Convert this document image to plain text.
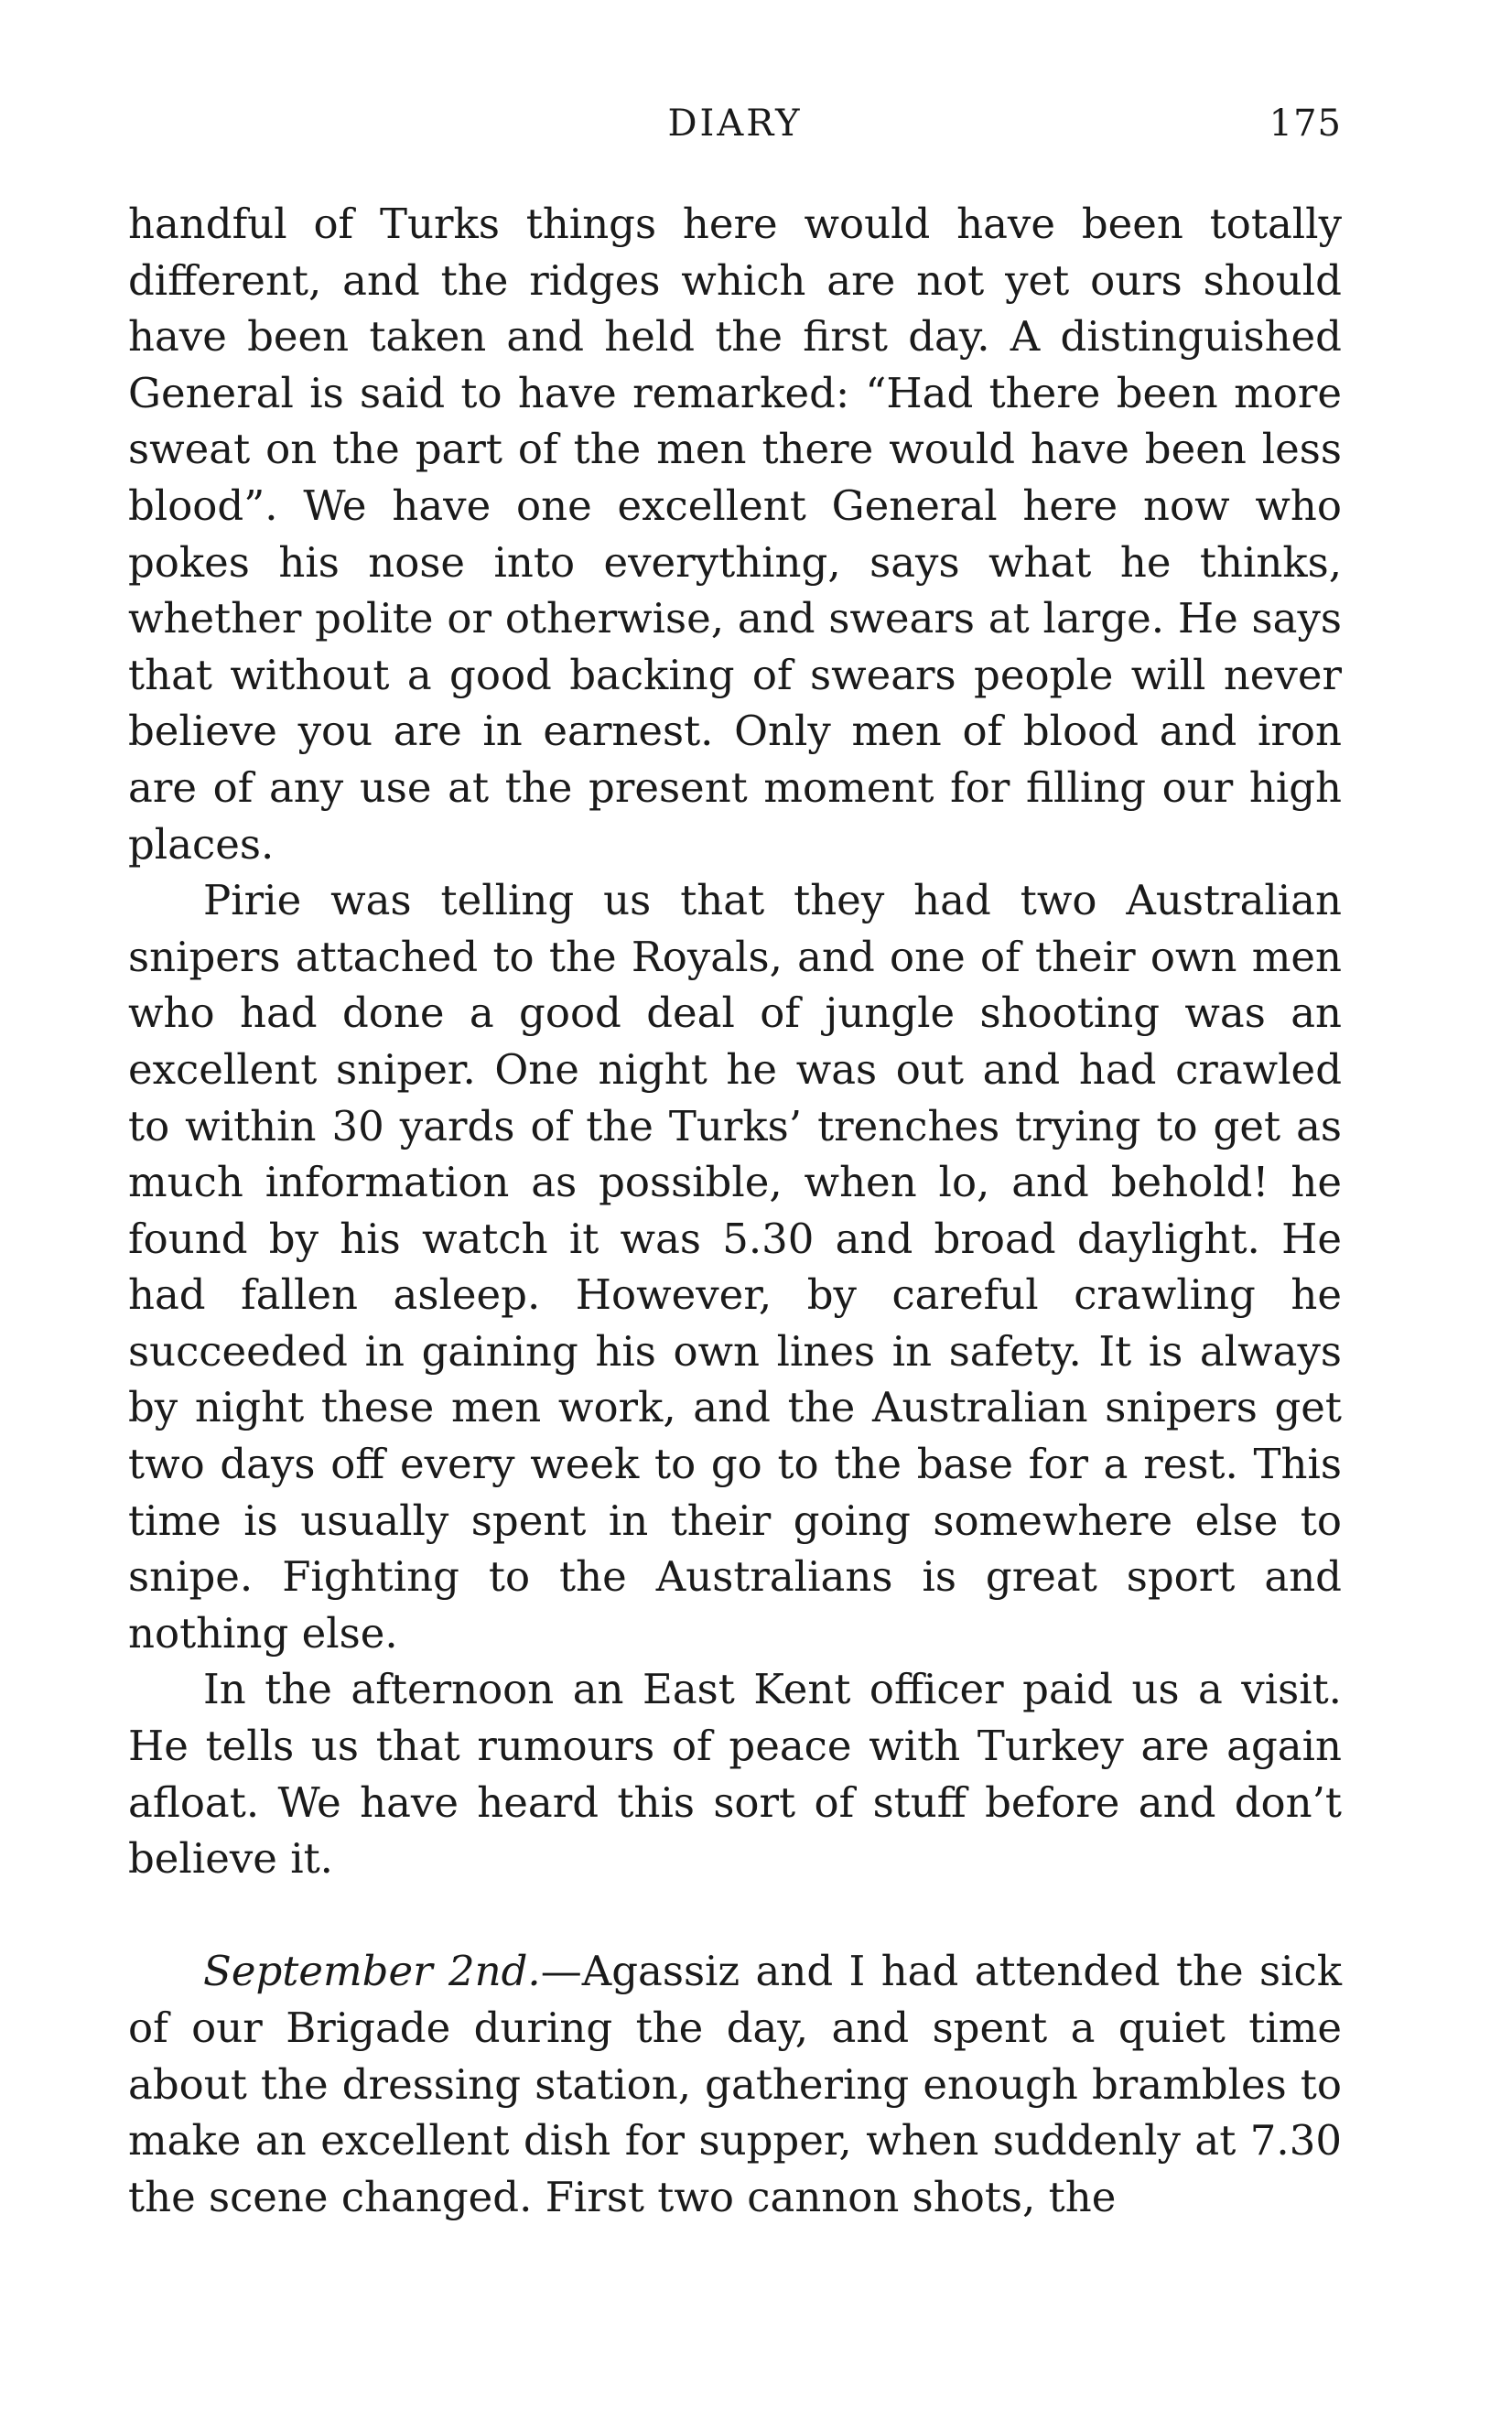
DIARY	175

handful of Turks things here would have been totally different, and the ridges which are not yet ours should have been taken and held the first day. A distinguished General is said to have remarked: “Had there been more sweat on the part of the men there would have been less blood”. We have one excellent General here now who pokes his nose into everything, says what he thinks, whether polite or otherwise, and swears at large. He says that without a good backing of swears people will never believe you are in earnest. Only men of blood and iron are of any use at the present moment for filling our high places.

Pirie was telling us that they had two Australian snipers attached to the Royals, and one of their own men who had done a good deal of jungle shooting was an excellent sniper. One night he was out and had crawled to within 30 yards of the Turks’ trenches trying to get as much information as possible, when lo, and behold! he found by his watch it was 5.30 and broad daylight. He had fallen asleep. However, by careful crawling he succeeded in gaining his own lines in safety. It is always by night these men work, and the Australian snipers get two days off every week to go to the base for a rest. This time is usually spent in their going somewhere else to snipe. Fighting to the Australians is great sport and nothing else.

In the afternoon an East Kent officer paid us a visit. He tells us that rumours of peace with Turkey are again afloat. We have heard this sort of stuff before and don’t believe it.

September 2nd.—Agassiz and I had attended the sick of our Brigade during the day, and spent a quiet time about the dressing station, gathering enough brambles to make an excellent dish for supper, when suddenly at 7.30 the scene changed. First two cannon shots, the
